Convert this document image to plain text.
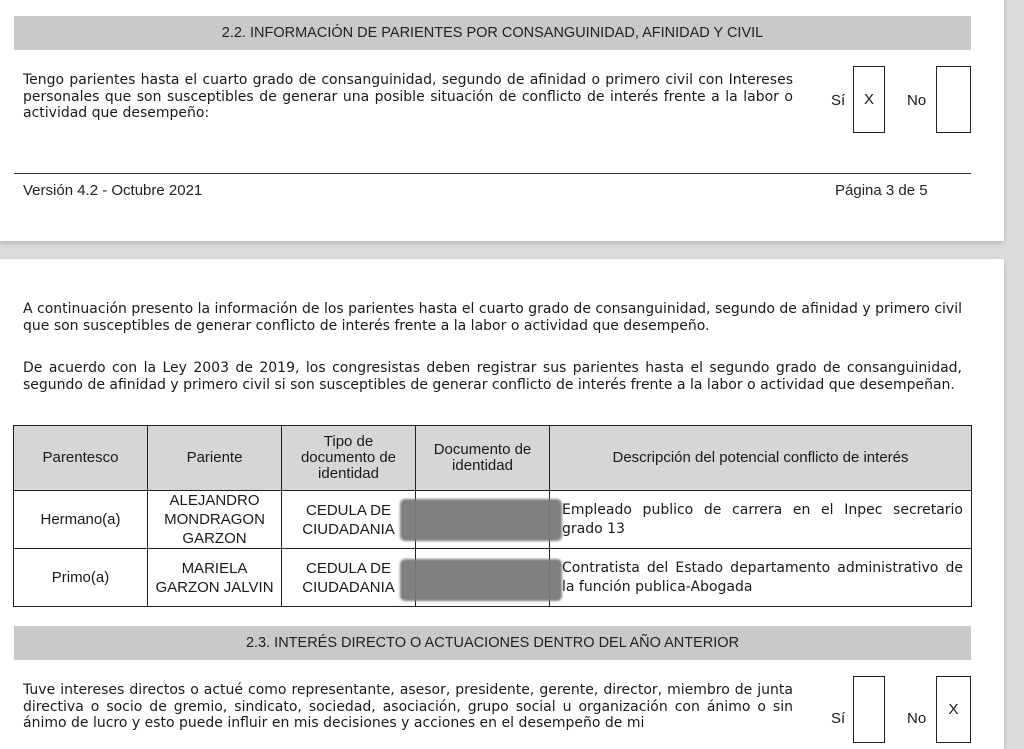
2.2. INFORMACIÓN DE PARIENTES POR CONSANGUINIDAD, AFINIDAD Y CIVIL
Tengo parientes hasta el cuarto grado de consanguinidad, segundo de afinidad o primero civil con Intereses personales que son susceptibles de generar una posible situación de conflicto de interés frente a la labor o actividad que desempeño:
Sí	X	No
Versión 4.2 - Octubre 2021	Página 3 de 5
A continuación presento la información de los parientes hasta el cuarto grado de consanguinidad, segundo de afinidad y primero civil que son susceptibles de generar conflicto de interés frente a la labor o actividad que desempeño.
De acuerdo con la Ley 2003 de 2019, los congresistas deben registrar sus parientes hasta el segundo grado de consanguinidad, segundo de afinidad y primero civil si son susceptibles de generar conflicto de interés frente a la labor o actividad que desempeñan.
Parentesco	Pariente	Tipo de documento de identidad	Documento de identidad	Descripción del potencial conflicto de interés
Hermano(a)	ALEJANDRO MONDRAGON GARZON	CEDULA DE CIUDADANIA		Empleado publico de carrera en el Inpec secretario grado 13
Primo(a)	MARIELA GARZON JALVIN	CEDULA DE CIUDADANIA		Contratista del Estado departamento administrativo de la función publica-Abogada
2.3. INTERÉS DIRECTO O ACTUACIONES DENTRO DEL AÑO ANTERIOR
Tuve intereses directos o actué como representante, asesor, presidente, gerente, director, miembro de junta directiva o socio de gremio, sindicato, sociedad, asociación, grupo social u organización con ánimo o sin ánimo de lucro y esto puede influir en mis decisiones y acciones en el desempeño de mi	Sí	No
X
